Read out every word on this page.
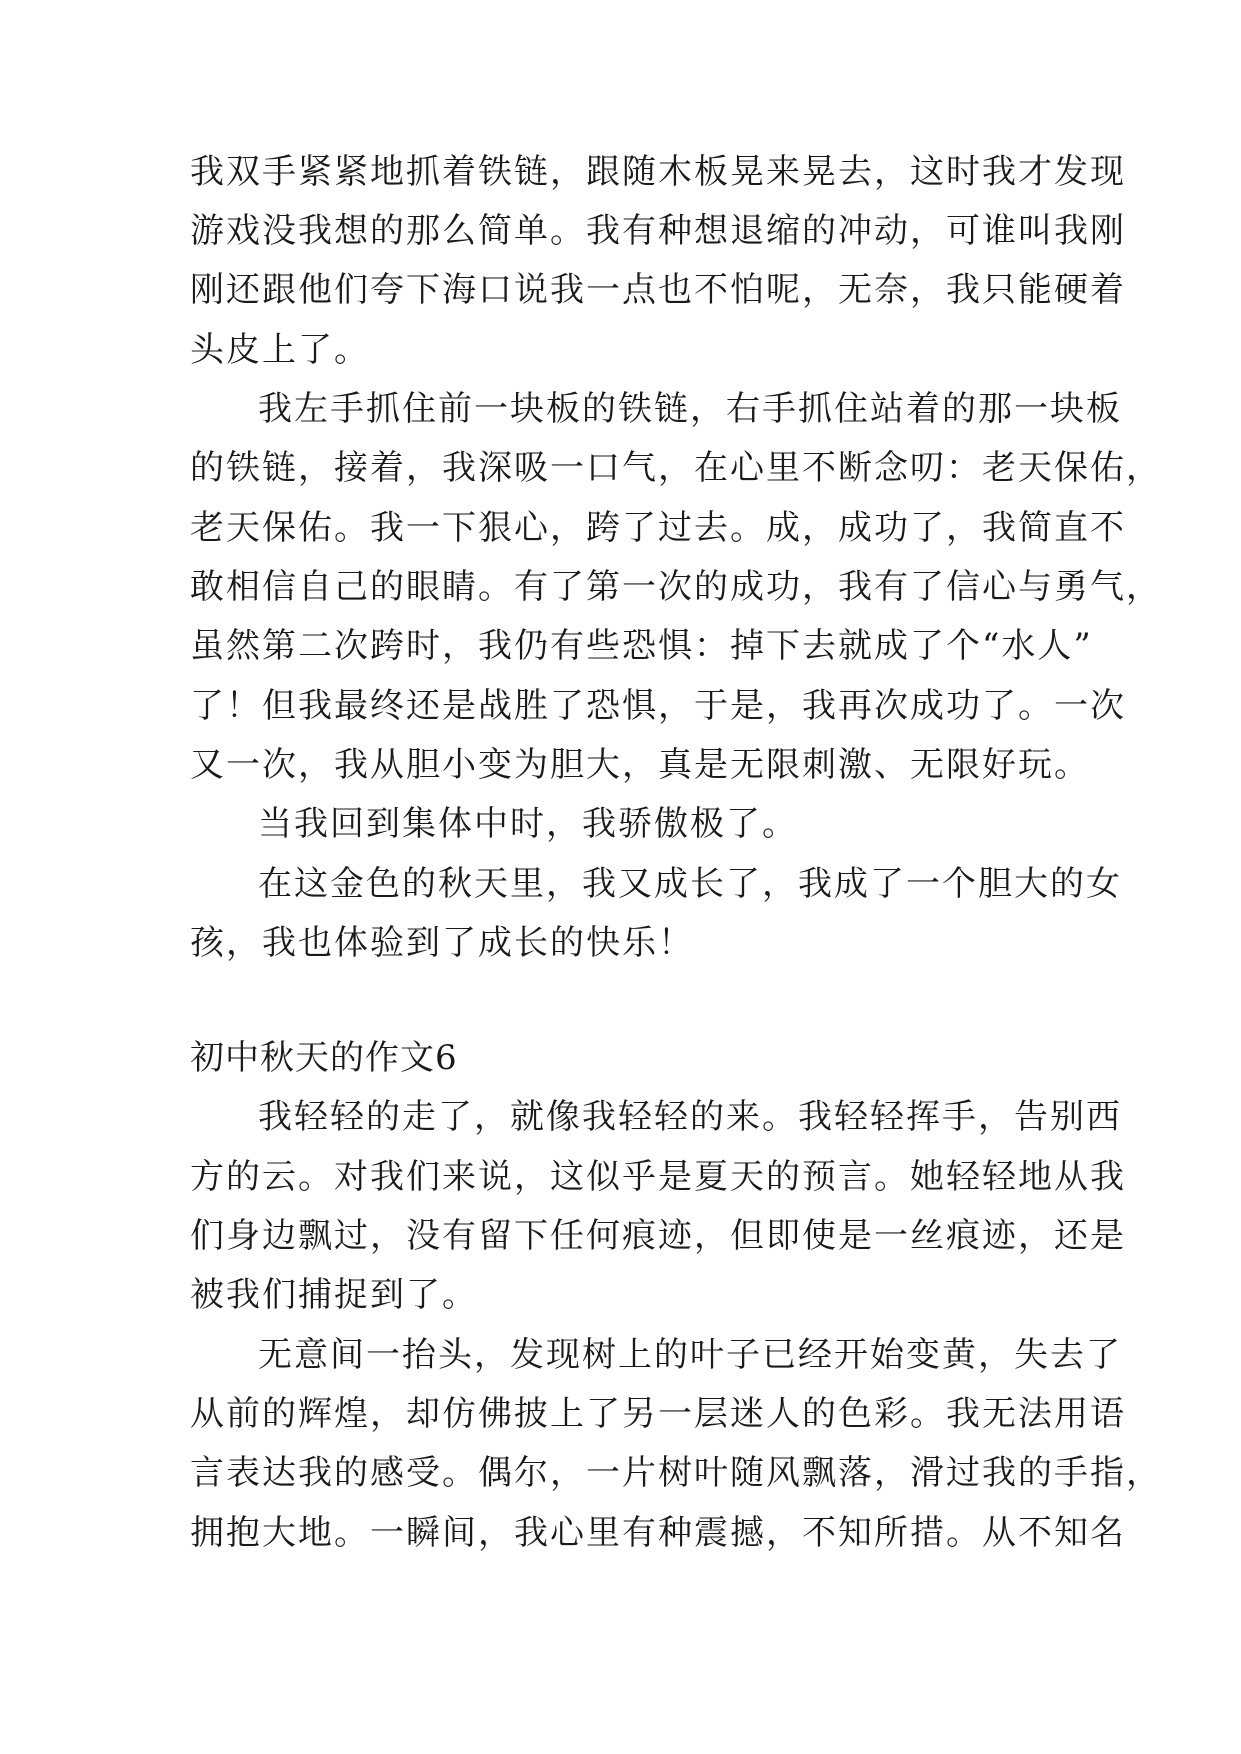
我双手紧紧地抓着铁链，跟随木板晃来晃去，这时我才发现
游戏没我想的那么简单。我有种想退缩的冲动，可谁叫我刚
刚还跟他们夸下海口说我一点也不怕呢，无奈，我只能硬着
头皮上了。
我左手抓住前一块板的铁链，右手抓住站着的那一块板
的铁链，接着，我深吸一口气，在心里不断念叨：老天保佑，
老天保佑。我一下狠心，跨了过去。成，成功了，我简直不
敢相信自己的眼睛。有了第一次的成功，我有了信心与勇气，
虽然第二次跨时，我仍有些恐惧：掉下去就成了个“水人”
了！但我最终还是战胜了恐惧，于是，我再次成功了。一次
又一次，我从胆小变为胆大，真是无限刺激、无限好玩。
当我回到集体中时，我骄傲极了。
在这金色的秋天里，我又成长了，我成了一个胆大的女
孩，我也体验到了成长的快乐！
初中秋天的作文6
我轻轻的走了，就像我轻轻的来。我轻轻挥手，告别西
方的云。对我们来说，这似乎是夏天的预言。她轻轻地从我
们身边飘过，没有留下任何痕迹，但即使是一丝痕迹，还是
被我们捕捉到了。
无意间一抬头，发现树上的叶子已经开始变黄，失去了
从前的辉煌，却仿佛披上了另一层迷人的色彩。我无法用语
言表达我的感受。偶尔，一片树叶随风飘落，滑过我的手指，
拥抱大地。一瞬间，我心里有种震撼，不知所措。从不知名
